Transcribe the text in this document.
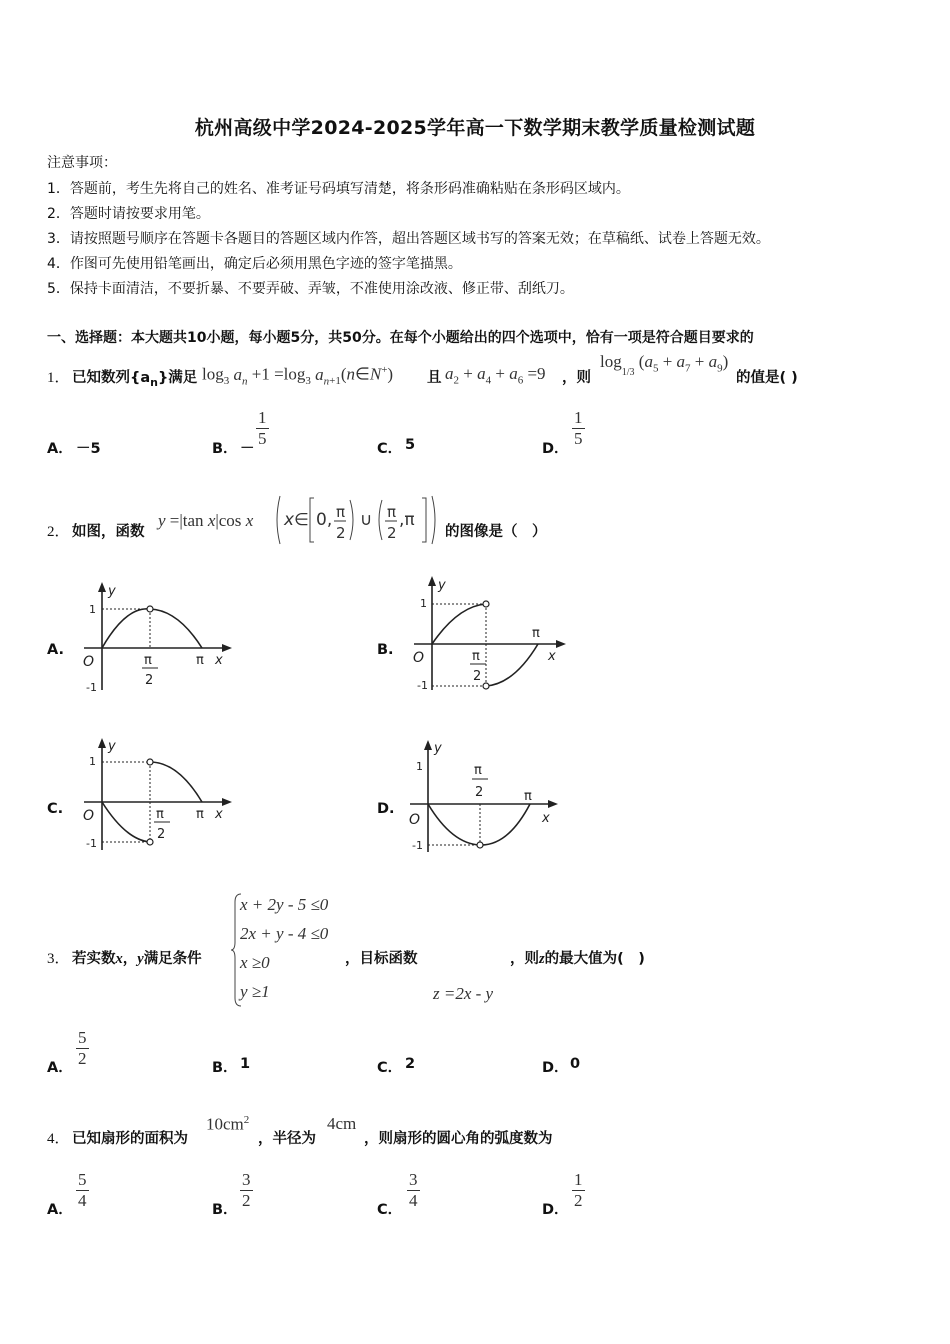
杭州高级中学2024-2025学年高一下数学期末教学质量检测试题
注意事项：
1．答题前，考生先将自己的姓名、准考证号码填写清楚，将条形码准确粘贴在条形码区域内。
2．答题时请按要求用笔。
3．请按照题号顺序在答题卡各题目的答题区域内作答，超出答题区域书写的答案无效；在草稿纸、试卷上答题无效。
4．作图可先使用铅笔画出，确定后必须用黑色字迹的签字笔描黑。
5．保持卡面清洁，不要折暴、不要弄破、弄皱，不准使用涂改液、修正带、刮纸刀。
一、选择题：本大题共10小题，每小题5分，共50分。在每个小题给出的四个选项中，恰有一项是符合题目要求的
1． 已知数列$\{a_n\}$满足 $\log_3 a_n +1 =\log_3$ $a_{n+1}(n\in N^+)$ 且 $a_2 + a_4 + a_6 =9$ ，则
$\log_{1/3} (a_5 + a_7 + a_9)$
的值是( )
A． －5	B． －
$\frac{1}{5}$
C． 5	D．
$\frac{1}{5}$
2． 如图，函数
y =|tan x|cos x x ∈ 0, π
2
∪ π
2
,π
的图像是（　）
A.
y
1
-1
O	π
2
π x
B.
y
1
-1
O	π
2
π
x
C.
y
1
-1
O	π
2
π x	D.
y
1
-1
O
π
2	π
x
3． 若实数x，y满足条件
x + 2y - 5 ≤0
2x + y - 4 ≤0
x ≥0
y ≥1
，目标函数	，则z的最大值为(　)
z =2x - y
A． $\frac{5}{2}$	B． 1	C． 2	D． 0
4． 已知扇形的面积为
$10cm^2$
，半径为
4cm
，则扇形的圆心角的弧度数为
A． $\frac{5}{4}$	B． $\frac{3}{2}$	C． $\frac{3}{4}$	D． $\frac{1}{2}$
